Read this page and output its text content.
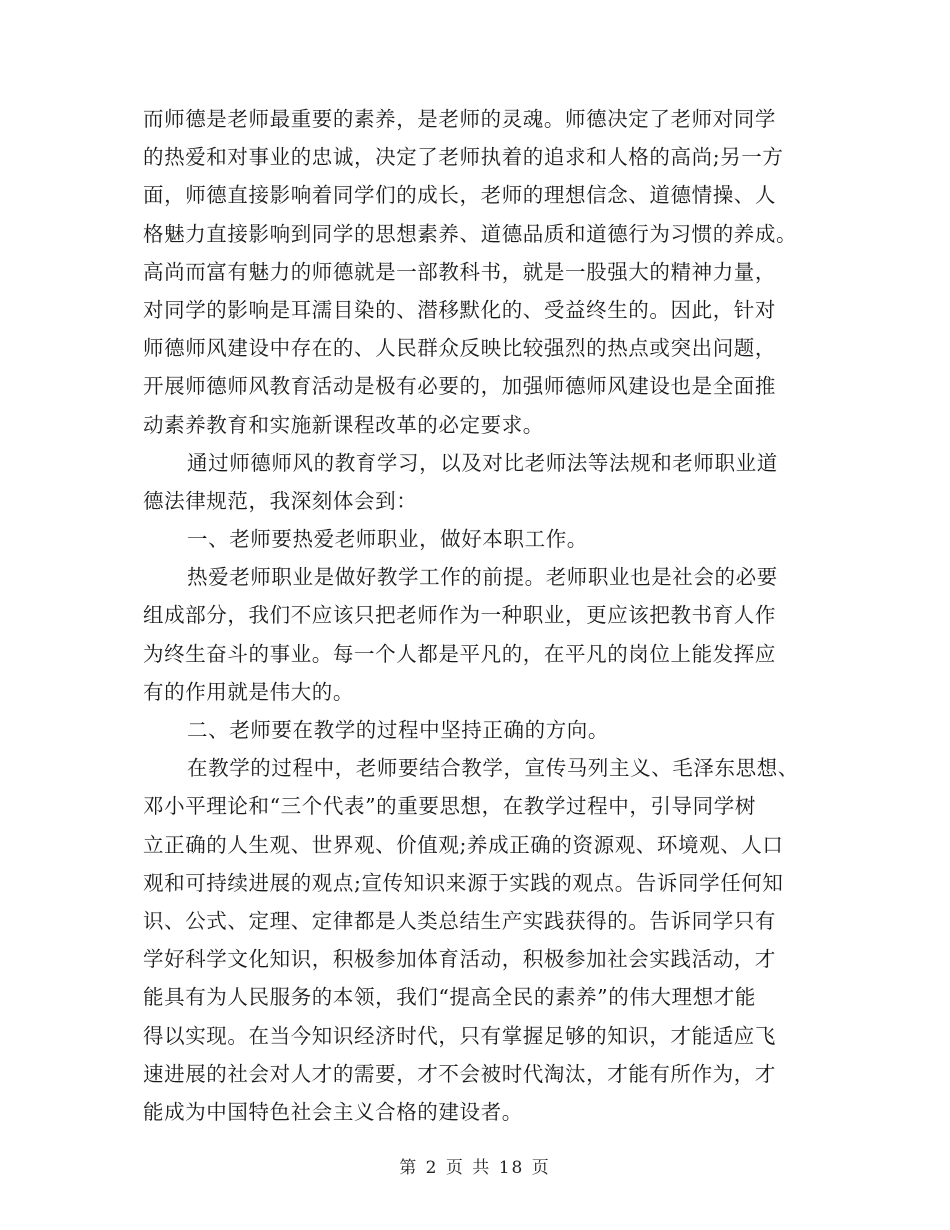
而师德是老师最重要的素养，是老师的灵魂。师德决定了老师对同学
的热爱和对事业的忠诚，决定了老师执着的追求和人格的高尚;另一方
面，师德直接影响着同学们的成长，老师的理想信念、道德情操、人
格魅力直接影响到同学的思想素养、道德品质和道德行为习惯的养成。
高尚而富有魅力的师德就是一部教科书，就是一股强大的精神力量，
对同学的影响是耳濡目染的、潜移默化的、受益终生的。因此，针对
师德师风建设中存在的、人民群众反映比较强烈的热点或突出问题，
开展师德师风教育活动是极有必要的，加强师德师风建设也是全面推
动素养教育和实施新课程改革的必定要求。
通过师德师风的教育学习，以及对比老师法等法规和老师职业道
德法律规范，我深刻体会到：
一、老师要热爱老师职业，做好本职工作。
热爱老师职业是做好教学工作的前提。老师职业也是社会的必要
组成部分，我们不应该只把老师作为一种职业，更应该把教书育人作
为终生奋斗的事业。每一个人都是平凡的，在平凡的岗位上能发挥应
有的作用就是伟大的。
二、老师要在教学的过程中坚持正确的方向。
在教学的过程中，老师要结合教学，宣传马列主义、毛泽东思想、
邓小平理论和“三个代表”的重要思想，在教学过程中，引导同学树
立正确的人生观、世界观、价值观;养成正确的资源观、环境观、人口
观和可持续进展的观点;宣传知识来源于实践的观点。告诉同学任何知
识、公式、定理、定律都是人类总结生产实践获得的。告诉同学只有
学好科学文化知识，积极参加体育活动，积极参加社会实践活动，才
能具有为人民服务的本领，我们“提高全民的素养”的伟大理想才能
得以实现。在当今知识经济时代，只有掌握足够的知识，才能适应飞
速进展的社会对人才的需要，才不会被时代淘汰，才能有所作为，才
能成为中国特色社会主义合格的建设者。
第 2 页 共 18 页
